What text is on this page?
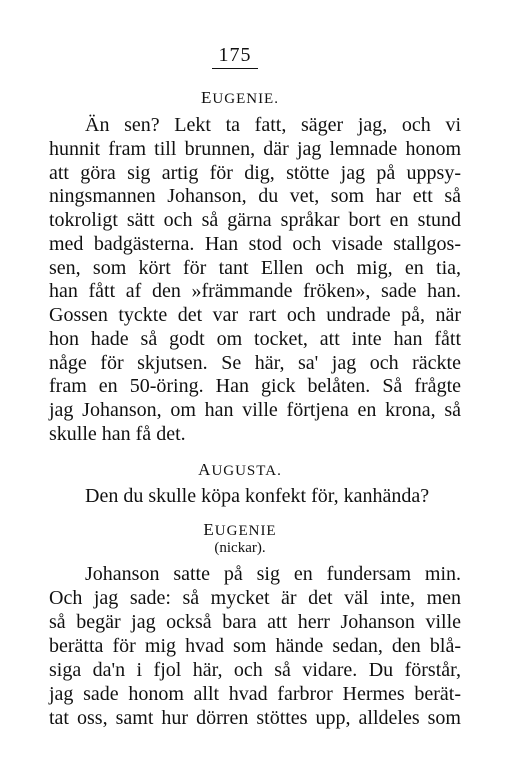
175
EUGENIE.
Än sen? Lekt ta fatt, säger jag, och vi
hunnit fram till brunnen, där jag lemnade honom
att göra sig artig för dig, stötte jag på uppsy-
ningsmannen Johanson, du vet, som har ett så
tokroligt sätt och så gärna språkar bort en stund
med badgästerna. Han stod och visade stallgos-
sen, som kört för tant Ellen och mig, en tia,
han fått af den »främmande fröken», sade han.
Gossen tyckte det var rart och undrade på, när
hon hade så godt om tocket, att inte han fått
någe för skjutsen. Se här, sa' jag och räckte
fram en 50-öring. Han gick belåten. Så frågte
jag Johanson, om han ville förtjena en krona, så
skulle han få det.
AUGUSTA.
Den du skulle köpa konfekt för, kanhända?
EUGENIE
(nickar).
Johanson satte på sig en fundersam min.
Och jag sade: så mycket är det väl inte, men
så begär jag också bara att herr Johanson ville
berätta för mig hvad som hände sedan, den blå-
siga da'n i fjol här, och så vidare. Du förstår,
jag sade honom allt hvad farbror Hermes berät-
tat oss, samt hur dörren stöttes upp, alldeles som
